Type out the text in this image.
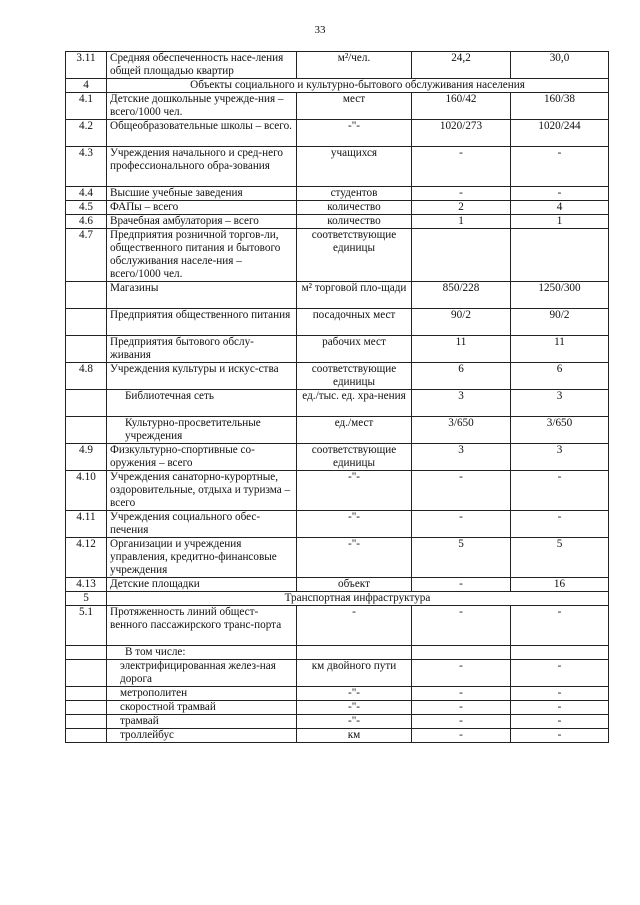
33
3.11	Средняя обеспеченность насе-ления общей площадью квартир	м²/чел.	24,2	30,0
4	Объекты социального и культурно-бытового обслуживания населения			
4.1	Детские дошкольные учрежде-ния – всего/1000 чел.	мест	160/42	160/38
4.2	Общеобразовательные школы – всего.	-"-	1020/273	1020/244
4.3	Учреждения начального и сред-него профессионального обра-зования	учащихся	-	-
4.4	Высшие учебные заведения	студентов	-	-
4.5	ФАПы – всего	количество	2	4
4.6	Врачебная амбулатория – всего	количество	1	1
4.7	Предприятия розничной торгов-ли, общественного питания и бытового обслуживания населе-ния – всего/1000 чел.	соответствующие единицы		
	Магазины	м² торговой пло-щади	850/228	1250/300
	Предприятия общественного питания	посадочных мест	90/2	90/2
	Предприятия бытового обслу-живания	рабочих мест	11	11
4.8	Учреждения культуры и искус-ства	соответствующие единицы	6	6
	Библиотечная сеть	ед./тыс. ед. хра-нения	3	3
	Культурно-просветительные учреждения	ед./мест	3/650	3/650
4.9	Физкультурно-спортивные со-оружения – всего	соответствующие единицы	3	3
4.10	Учреждения санаторно-курортные, оздоровительные, отдыха и туризма – всего	-"-	-	-
4.11	Учреждения социального обес-печения	-"-	-	-
4.12	Организации и учреждения управления, кредитно-финансовые учреждения	-"-	5	5
4.13	Детские площадки	объект	-	16
5	Транспортная инфраструктура			
5.1	Протяженность линий общест-венного пассажирского транс-порта	-	-	-
	В том числе:			
	электрифицированная желез-ная дорога	км двойного пути	-	-
	метрополитен	-"-	-	-
	скоростной трамвай	-"-	-	-
	трамвай	-"-	-	-
	троллейбус	км	-	-
